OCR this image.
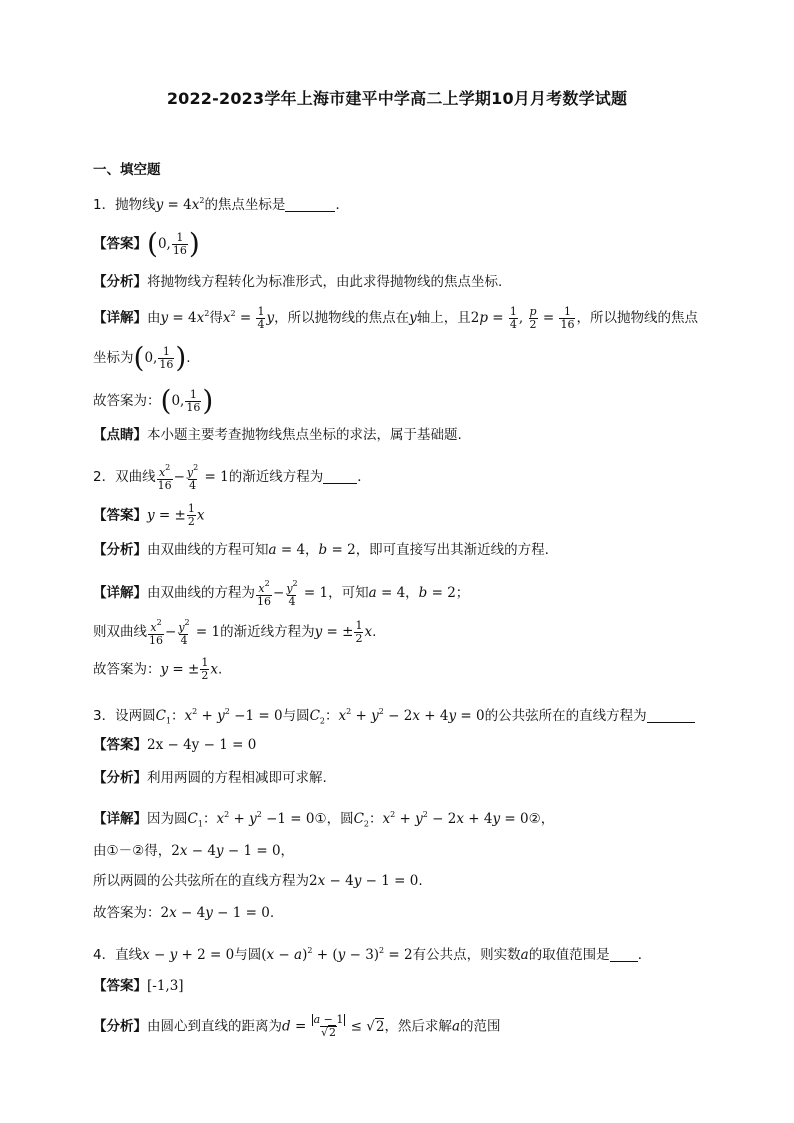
2022-2023学年上海市建平中学高二上学期10月月考数学试题
一、填空题
1．抛物线$y = 4x^2$的焦点坐标是	．
【答案】(0, $\frac{1}{16}$ )
【分析】将抛物线方程转化为标准形式，由此求得抛物线的焦点坐标.
【详解】由$y = 4x^2$得$x^2 = \frac{1}{4}$ y，所以抛物线的焦点在y轴上，且$2p = \frac{1}{4}$ , $\frac{p}{2} = \frac{1}{16}$ ，所以抛物线的焦点
坐标为(0, $\frac{1}{16}$ ).
故答案为：(0, $\frac{1}{16}$ )
【点睛】本小题主要考查抛物线焦点坐标的求法，属于基础题.
2．双曲线 $\frac{x^2}{16} - \frac{y^2}{4} = 1$的渐近线方程为	．
【答案】y = ± $\frac{1}{2}$ x
【分析】由双曲线的方程可知a = 4，b = 2，即可直接写出其渐近线的方程.
【详解】由双曲线的方程为 $\frac{x^2}{16} - \frac{y^2}{4} = 1$，可知a = 4，b = 2；
则双曲线 $\frac{x^2}{16} - \frac{y^2}{4} = 1$的渐近线方程为y = ± $\frac{1}{2} x$.
故答案为：y = ± $\frac{1}{2} x$.
3．设两圆$C_1$：$x^2 + y^2 -1 = 0$与圆$C_2$：$x^2 + y^2 - 2x + 4y = 0$的公共弦所在的直线方程为
【答案】2x − 4y − 1 = 0
【分析】利用两圆的方程相减即可求解.
【详解】因为圆$C_1$：$x^2 + y^2 -1$ = 0①，圆$C_2$：$x^2 + y^2 - 2x + 4y$ = 0②，
由①－②得，2x − 4y − 1 = 0，
所以两圆的公共弦所在的直线方程为2x − 4y − 1 = 0.
故答案为：2x − 4y − 1 = 0.
4．直线x − y + 2 = 0与圆$(x - a)^2 + (y - 3)^2 = 2$有公共点，则实数a的取值范围是 ．
【答案】[-1,3]
【分析】由圆心到直线的距离为$d = \frac{a - 1}{√2} \le √2$，然后求解a的范围
